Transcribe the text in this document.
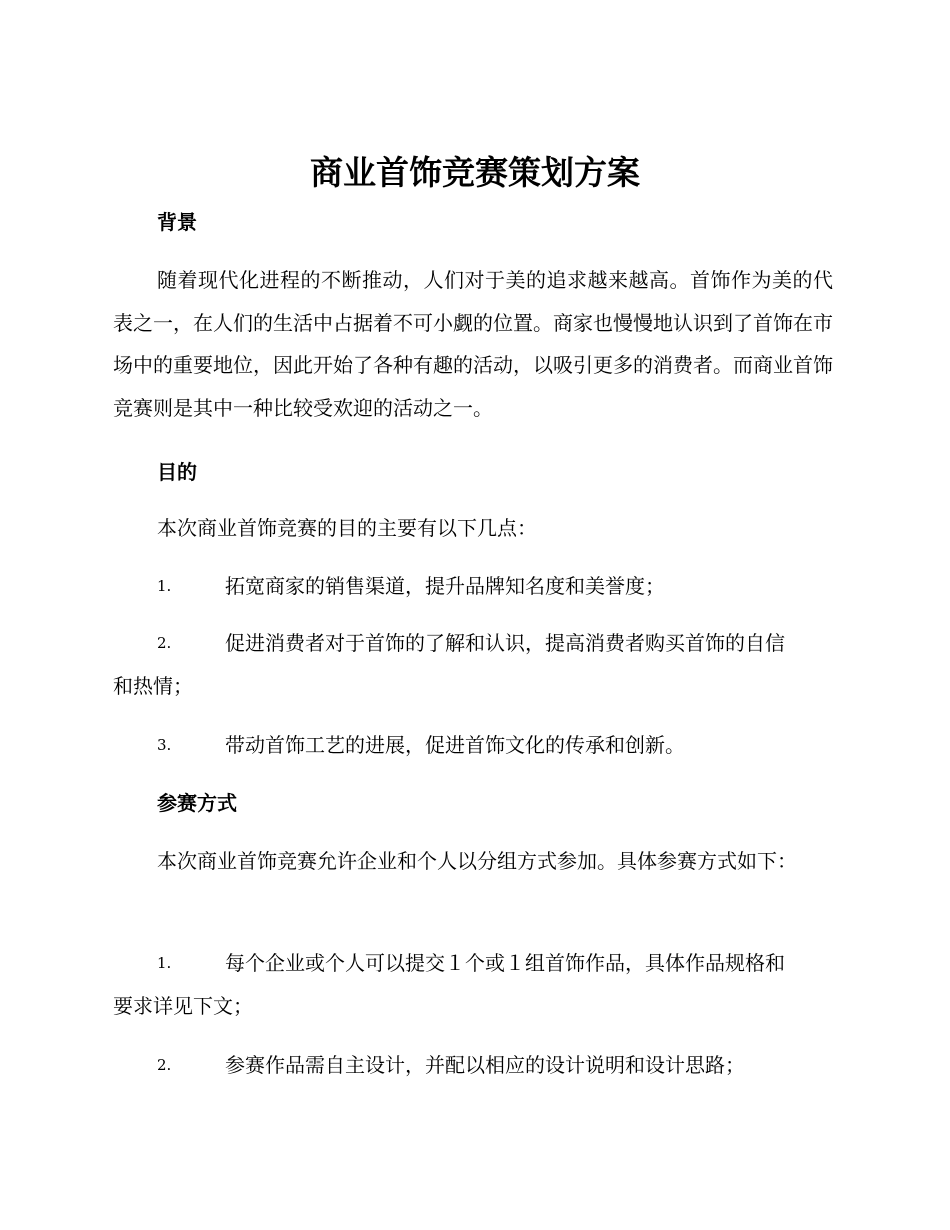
商业首饰竞赛策划方案
背景

随着现代化进程的不断推动，人们对于美的追求越来越高。首饰作为美的代表之一，在人们的生活中占据着不可小觑的位置。商家也慢慢地认识到了首饰在市场中的重要地位，因此开始了各种有趣的活动，以吸引更多的消费者。而商业首饰竞赛则是其中一种比较受欢迎的活动之一。

目的

本次商业首饰竞赛的目的主要有以下几点：

1.	拓宽商家的销售渠道，提升品牌知名度和美誉度；
2.	促进消费者对于首饰的了解和认识，提高消费者购买首饰的自信
和热情；
3.	带动首饰工艺的进展，促进首饰文化的传承和创新。
参赛方式

本次商业首饰竞赛允许企业和个人以分组方式参加。具体参赛方式如下：

1.	每个企业或个人可以提交１个或１组首饰作品，具体作品规格和
要求详见下文；
2.	参赛作品需自主设计，并配以相应的设计说明和设计思路；
